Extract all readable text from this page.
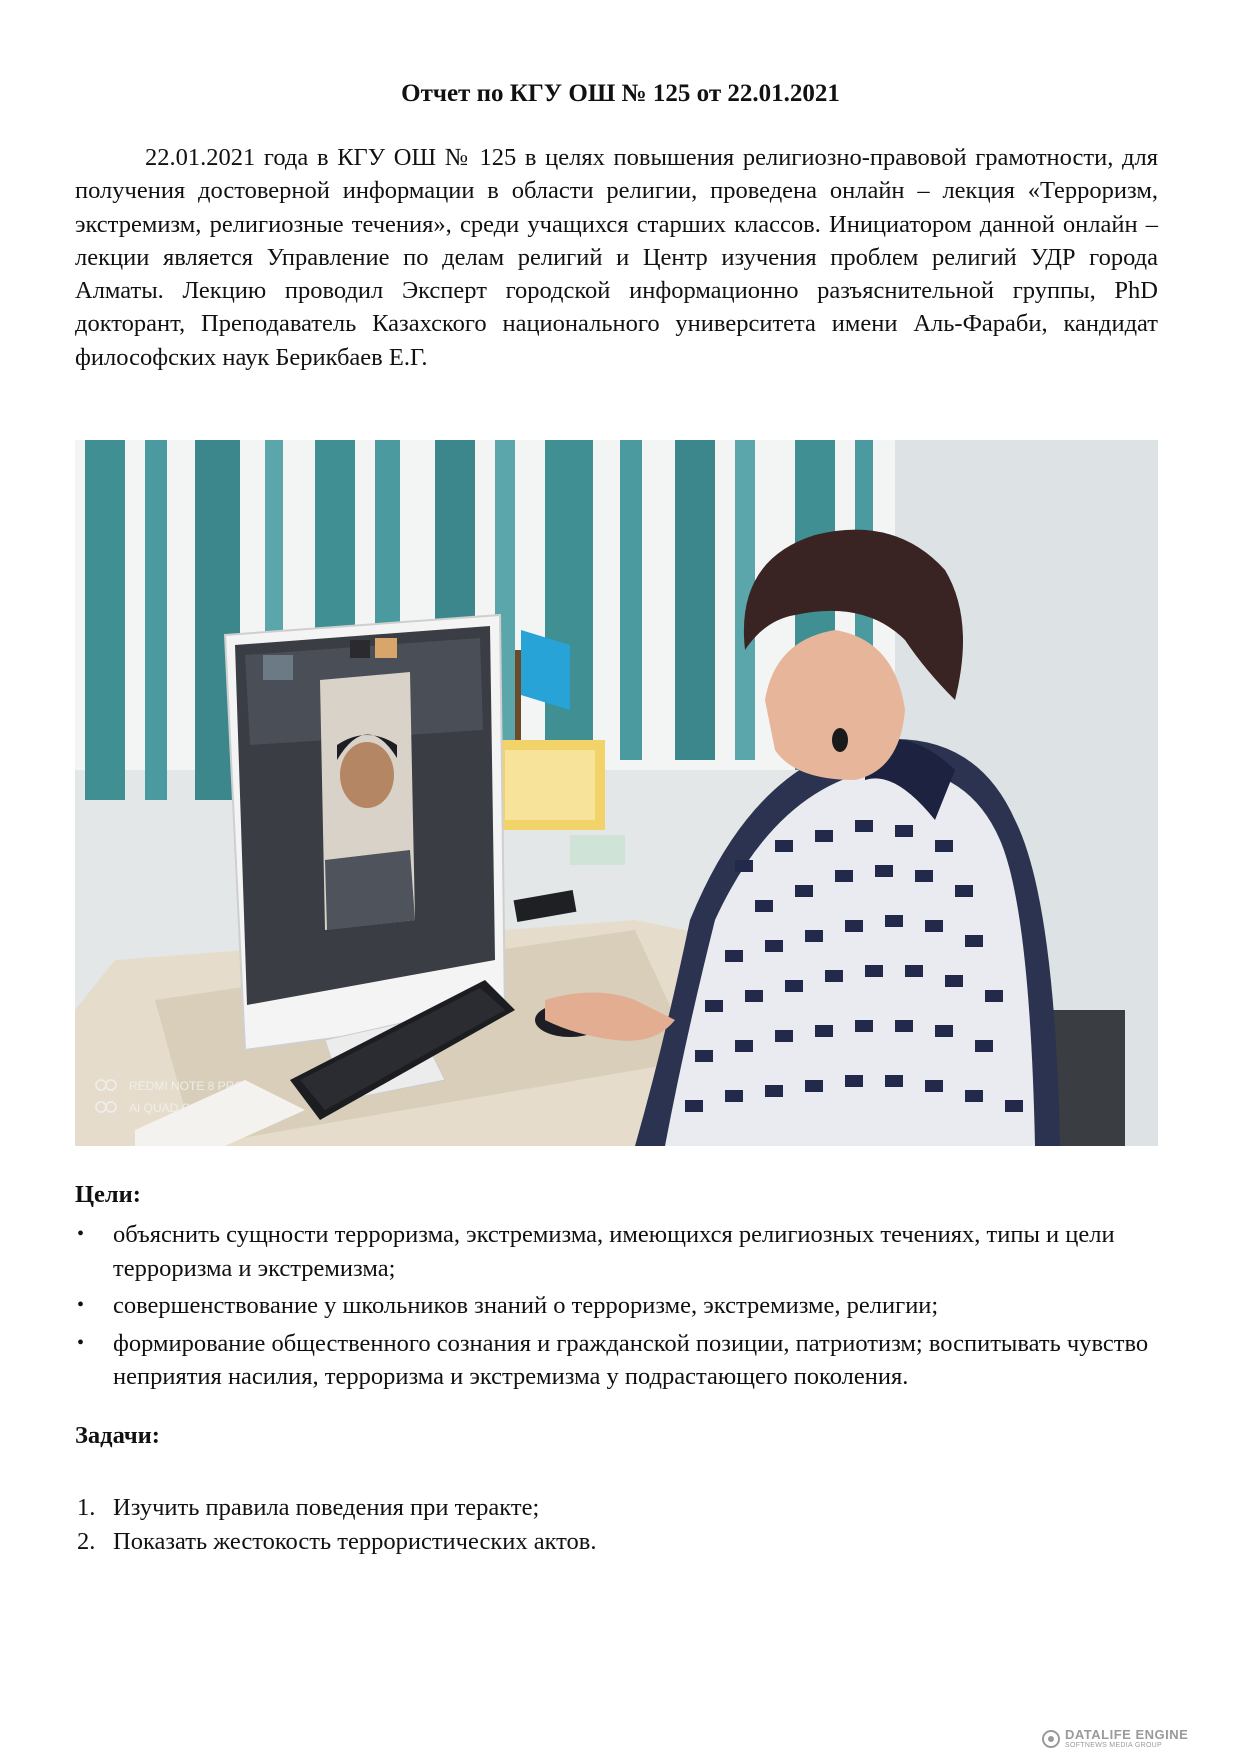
Отчет по КГУ ОШ № 125 от 22.01.2021

22.01.2021 года в КГУ ОШ № 125 в целях повышения религиозно-правовой грамотности, для получения достоверной информации в области религии, проведена онлайн – лекция «Терроризм, экстремизм, религиозные течения», среди учащихся старших классов. Инициатором данной онлайн – лекции является Управление по делам религий и Центр изучения проблем религий УДР города Алматы. Лекцию проводил Эксперт городской информационно разъяснительной группы, PhD докторант, Преподаватель Казахского национального университета имени Аль-Фараби, кандидат философских наук Берикбаев Е.Г.

REDMI NOTE 8 PRO
AI QUAD CAMERA
Цели:
• объяснить сущности терроризма, экстремизма, имеющихся религиозных течениях, типы и цели терроризма и экстремизма;
• совершенствование у школьников знаний о терроризме, экстремизме, религии;
• формирование общественного сознания и гражданской позиции, патриотизм; воспитывать чувство неприятия насилия, терроризма и экстремизма у подрастающего поколения.
Задачи:
1. Изучить правила поведения при теракте;
2. Показать жестокость террористических актов.
DATALIFE ENGINE
SOFTNEWS MEDIA GROUP
